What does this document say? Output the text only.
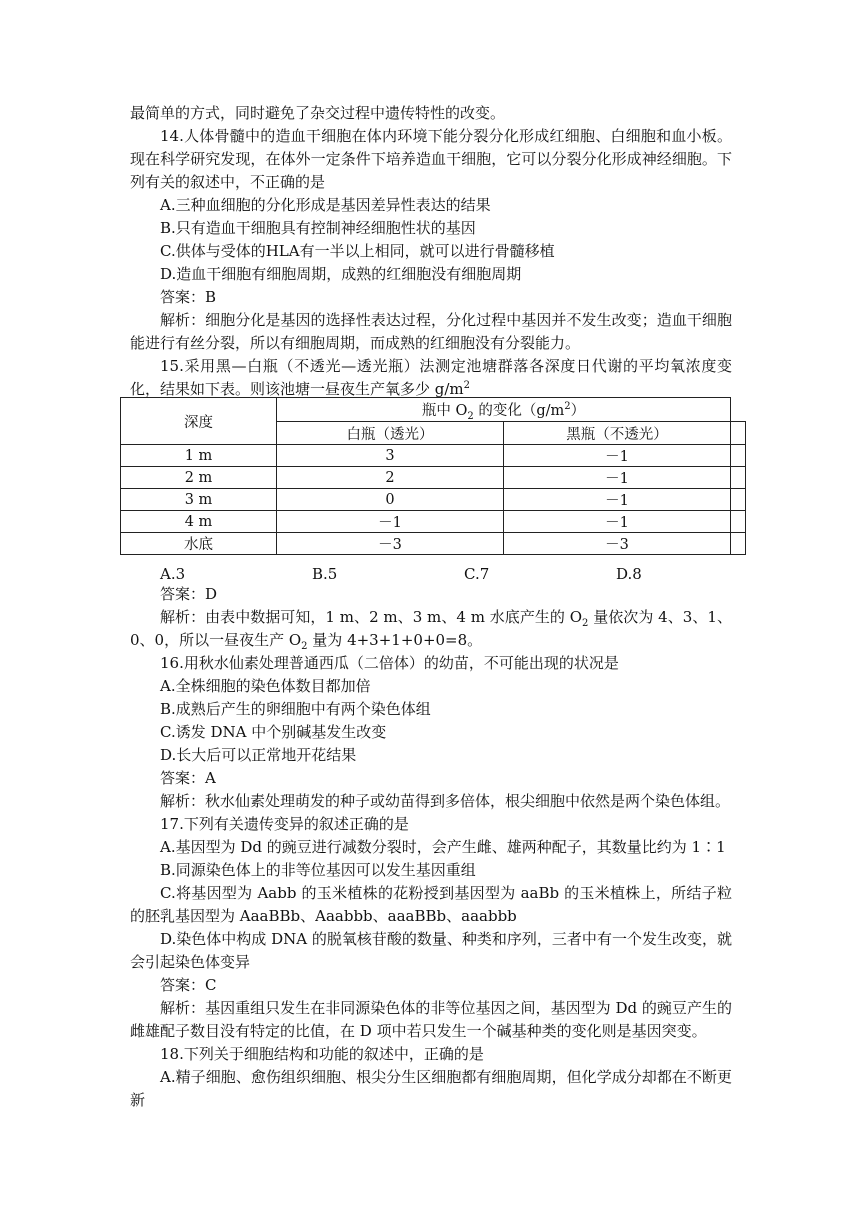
最简单的方式，同时避免了杂交过程中遗传特性的改变。

14.人体骨髓中的造血干细胞在体内环境下能分裂分化形成红细胞、白细胞和血小板。现在科学研究发现，在体外一定条件下培养造血干细胞，它可以分裂分化形成神经细胞。下列有关的叙述中，不正确的是

A.三种血细胞的分化形成是基因差异性表达的结果

B.只有造血干细胞具有控制神经细胞性状的基因

C.供体与受体的HLA有一半以上相同，就可以进行骨髓移植

D.造血干细胞有细胞周期，成熟的红细胞没有细胞周期

答案：B

解析：细胞分化是基因的选择性表达过程，分化过程中基因并不发生改变；造血干细胞能进行有丝分裂，所以有细胞周期，而成熟的红细胞没有分裂能力。

15.采用黑—白瓶（不透光—透光瓶）法测定池塘群落各深度日代谢的平均氧浓度变化，结果如下表。则该池塘一昼夜生产氧多少 $g/m^2$

深度	瓶中 $O_2$ 的变化$(g/m^2)$		
	白瓶（透光）	黑瓶（不透光）	
1 m	3	－1	
2 m	2	－1	
3 m	0	－1	
4 m	－1	－1	
水底	－3	－3	
A.3	B.5	C.7	D.8

答案：D

解析：由表中数据可知，1 m、2 m、3 m、4 m 水底产生的 $O_2$ 量依次为 4、3、1、0、0，所以一昼夜生产 $O_2$ 量为 4+3+1+0+0=8。

16.用秋水仙素处理普通西瓜（二倍体）的幼苗，不可能出现的状况是

A.全株细胞的染色体数目都加倍

B.成熟后产生的卵细胞中有两个染色体组

C.诱发 DNA 中个别碱基发生改变

D.长大后可以正常地开花结果

答案：A

解析：秋水仙素处理萌发的种子或幼苗得到多倍体，根尖细胞中依然是两个染色体组。

17.下列有关遗传变异的叙述正确的是

A.基因型为 Dd 的豌豆进行减数分裂时，会产生雌、雄两种配子，其数量比约为 1∶1

B.同源染色体上的非等位基因可以发生基因重组

C.将基因型为 Aabb 的玉米植株的花粉授到基因型为 aaBb 的玉米植株上，所结子粒的胚乳基因型为 AaaBBb、Aaabbb、aaaBBb、aaabbb

D.染色体中构成 DNA 的脱氧核苷酸的数量、种类和序列，三者中有一个发生改变，就会引起染色体变异

答案：C

解析：基因重组只发生在非同源染色体的非等位基因之间，基因型为 Dd 的豌豆产生的雌雄配子数目没有特定的比值，在 D 项中若只发生一个碱基种类的变化则是基因突变。

18.下列关于细胞结构和功能的叙述中，正确的是

A.精子细胞、愈伤组织细胞、根尖分生区细胞都有细胞周期，但化学成分却都在不断更新
